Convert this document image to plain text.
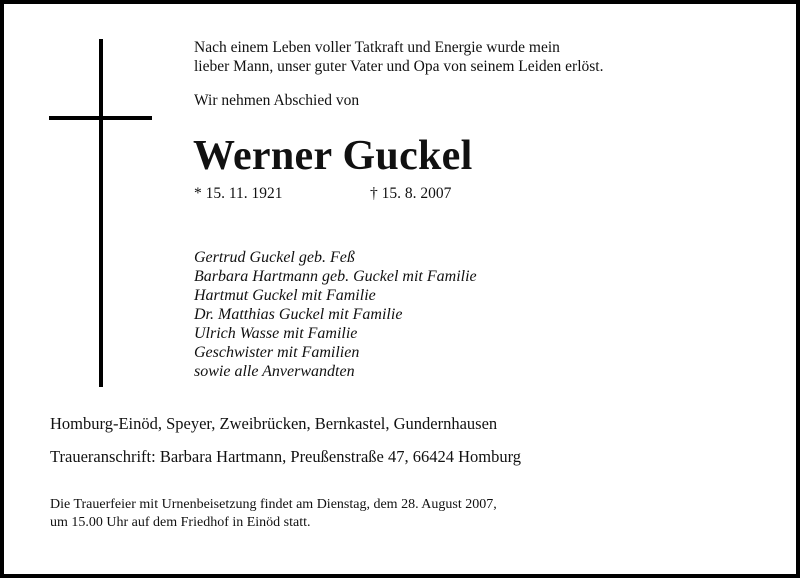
Nach einem Leben voller Tatkraft und Energie wurde mein
lieber Mann, unser guter Vater und Opa von seinem Leiden erlöst.
Wir nehmen Abschied von
Werner Guckel
* 15. 11. 1921	† 15. 8. 2007
Gertrud Guckel geb. Feß
Barbara Hartmann geb. Guckel mit Familie
Hartmut Guckel mit Familie
Dr. Matthias Guckel mit Familie
Ulrich Wasse mit Familie
Geschwister mit Familien
sowie alle Anverwandten
Homburg-Einöd, Speyer, Zweibrücken, Bernkastel, Gundernhausen
Traueranschrift: Barbara Hartmann, Preußenstraße 47, 66424 Homburg
Die Trauerfeier mit Urnenbeisetzung findet am Dienstag, dem 28. August 2007,
um 15.00 Uhr auf dem Friedhof in Einöd statt.
